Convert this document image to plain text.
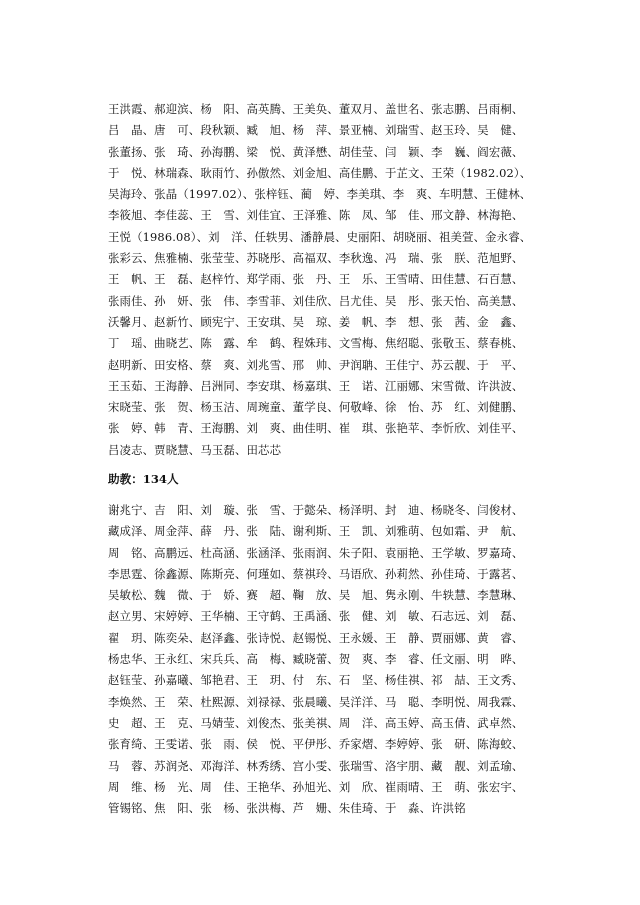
王洪霞、郝迎滨、杨　阳、高英腾、王美奂、董双月、盖世名、张志鹏、吕雨桐、
吕　晶、唐　可、段秋颖、臧　旭、杨　萍、景亚楠、刘瑞雪、赵玉玲、吴　健、
张董扬、张　琦、孙海鹏、梁　悦、黄泽懋、胡佳莹、闫　颖、李　巍、阎宏薇、
于　悦、林瑞森、耿雨竹、孙傲然、刘金旭、高佳鹏、于芷文、王荣（1982.02）、
吴海玲、张晶（1997.02）、张梓钰、蔺　婷、李美琪、李　爽、车明慧、王健林、
李筱旭、李佳蕊、王　雪、刘佳宜、王泽雅、陈　凤、邹　佳、邢文静、林海艳、
王悦（1986.08）、刘　洋、任轶男、潘静晨、史丽阳、胡晓丽、祖美萱、金永睿、
张彩云、焦雅楠、张莹莹、苏晓彤、高福双、李秋逸、冯　瑞、张　朕、范旭野、
王　帆、王　磊、赵梓竹、郑学雨、张　丹、王　乐、王雪晴、田佳慧、石百慧、
张雨佳、孙　妍、张　伟、李雪菲、刘佳欣、吕尤佳、吴　彤、张天怡、高美慧、
沃馨月、赵新竹、顾宪宁、王安琪、吴　琼、姜　帆、李　想、张　茜、金　鑫、
丁　瑶、曲晓艺、陈　露、牟　鹤、程姝玮、文雪梅、焦绍聪、张敬玉、蔡春桃、
赵明新、田安格、蔡　爽、刘兆雪、邢　帅、尹润聃、王佳宁、苏云靓、于　平、
王玉茹、王海静、吕洲同、李安琪、杨嘉琪、王　诺、江丽娜、宋雪微、许洪波、
宋晓莹、张　贺、杨玉洁、周琬童、董学良、何敬峰、徐　怡、苏　红、刘健鹏、
张　婷、韩　青、王海鹏、刘　爽、曲佳明、崔　琪、张艳苹、李忻欣、刘佳平、
吕凌志、贾晓慧、马玉磊、田芯芯
助教：134人
谢兆宁、吉　阳、刘　璇、张　雪、于懿朵、杨泽明、封　迪、杨晓冬、闫俊材、
藏成泽、周金萍、薛　丹、张　陆、谢利斯、王　凯、刘雅萌、包如霜、尹　航、
周　铭、高鹏远、杜高涵、张涵泽、张雨润、朱子阳、袁丽艳、王学敏、罗嘉琦、
李思霆、徐鑫源、陈斯亮、何瑾如、蔡祺玲、马语欣、孙莉然、孙佳琦、于露茗、
吴敏松、魏　微、于　娇、赛　超、鞠　放、吴　旭、隽永刚、牛轶慧、李慧琳、
赵立男、宋婷婷、王华楠、王守鹤、王禹涵、张　健、刘　敏、石志远、刘　磊、
翟　玥、陈奕朵、赵泽鑫、张诗悦、赵锡悦、王永媛、王　静、贾丽娜、黄　睿、
杨忠华、王永红、宋兵兵、高　梅、臧晓蕾、贺　爽、李　睿、任文丽、明　晔、
赵钰莹、孙嘉曦、邹艳君、王　玥、付　东、石　坚、杨佳祺、祁　喆、王文秀、
李焕然、王　荣、杜熙源、刘禄禄、张晨曦、吴洋洋、马　聪、李明悦、周我霖、
史　超、王　克、马婧莹、刘俊杰、张美祺、周　洋、高玉婷、高玉倩、武卓然、
张育绮、王雯诺、张　雨、侯　悦、平伊彤、乔家熠、李婷婷、张　研、陈海蛟、
马　蓉、苏润尧、邓海洋、林秀绣、宫小雯、张瑞雪、洛宇朋、藏　靓、刘孟瑜、
周　维、杨　光、周　佳、王艳华、孙旭光、刘　欣、崔雨晴、王　萌、张宏宇、
管锡铭、焦　阳、张　杨、张洪梅、芦　姗、朱佳琦、于　淼、许洪铭
